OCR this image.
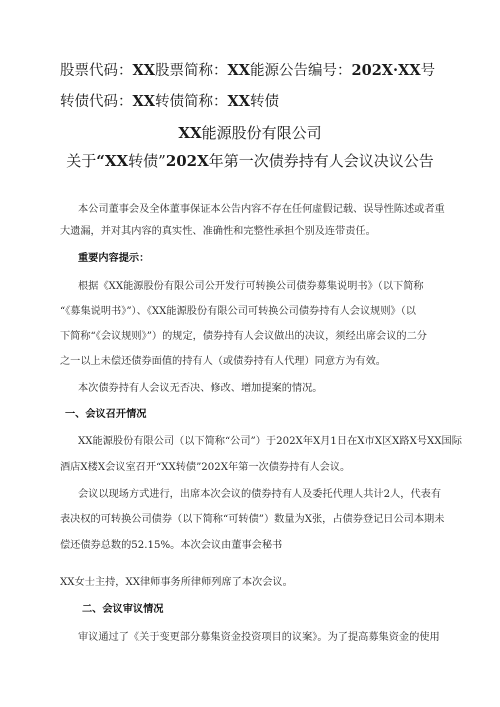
股票代码：XX股票简称：XX能源公告编号：202X·XX号
转债代码：XX转债简称：XX转债
XX能源股份有限公司
关于“XX转债”202X年第一次债券持有人会议决议公告
本公司董事会及全体董事保证本公告内容不存在任何虚假记载、误导性陈述或者重
大遗漏，并对其内容的真实性、准确性和完整性承担个别及连带责任。
重要内容提示：
根据《XX能源股份有限公司公开发行可转换公司债券募集说明书》（以下简称
“《募集说明书》”）、《XX能源股份有限公司可转换公司债券持有人会议规则》（以
下简称“《会议规则》”）的规定，债券持有人会议做出的决议，须经出席会议的二分
之一以上未偿还债券面值的持有人（或债券持有人代理）同意方为有效。
本次债券持有人会议无否决、修改、增加提案的情况。
一、会议召开情况
XX能源股份有限公司（以下简称“公司”）于202X年X月1日在X市X区X路X号XX国际
酒店X楼X会议室召开“XX转债”202X年第一次债券持有人会议。
会议以现场方式进行，出席本次会议的债券持有人及委托代理人共计2人，代表有
表决权的可转换公司债券（以下简称“可转债”）数量为X张，占债券登记日公司本期未
偿还债券总数的52.15%。本次会议由董事会秘书
XX女士主持，XX律师事务所律师列席了本次会议。
二、会议审议情况
审议通过了《关于变更部分募集资金投资项目的议案》。为了提高募集资金的使用
